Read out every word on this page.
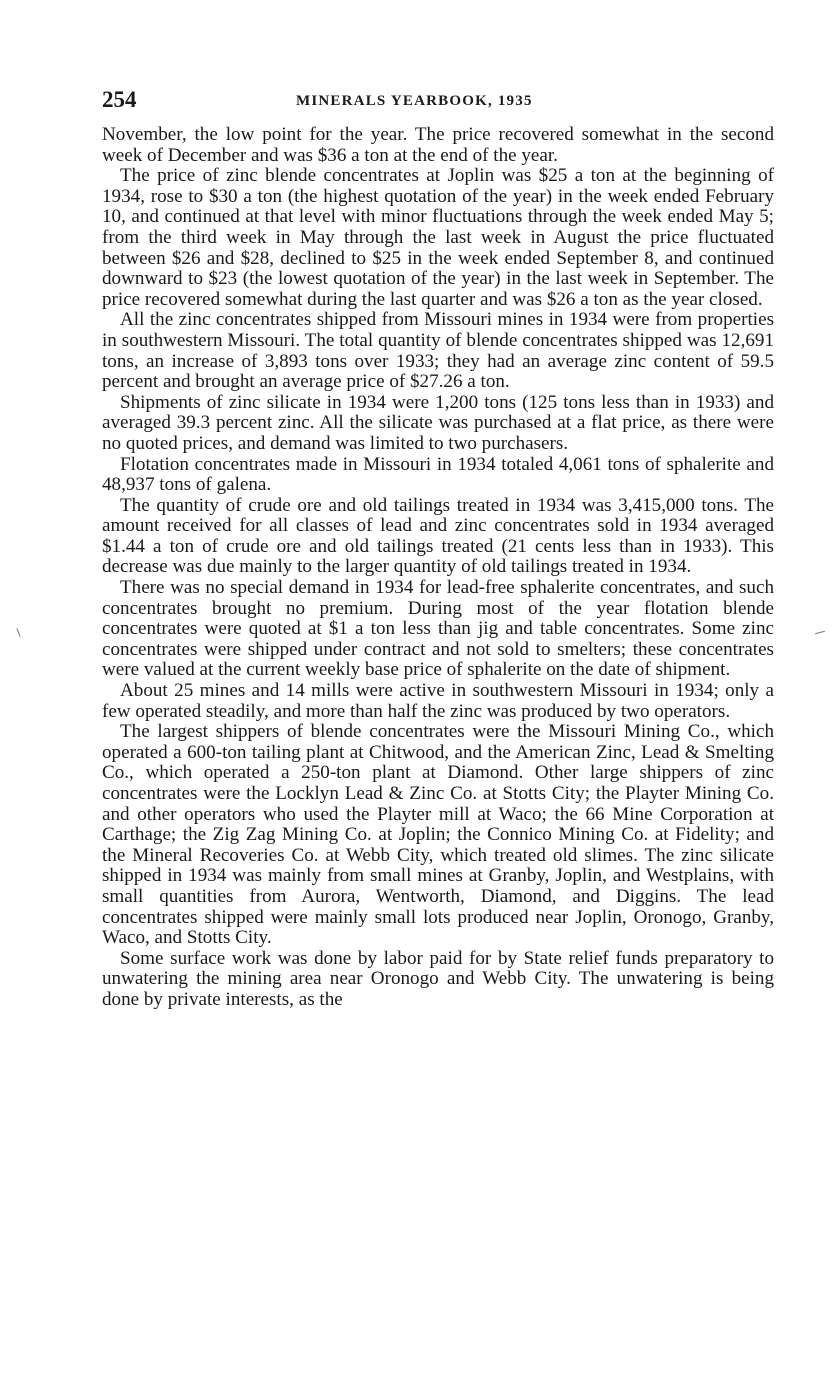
254	MINERALS YEARBOOK, 1935

November, the low point for the year. The price recovered somewhat in the second week of December and was $36 a ton at the end of the year.

The price of zinc blende concentrates at Joplin was $25 a ton at the beginning of 1934, rose to $30 a ton (the highest quotation of the year) in the week ended February 10, and continued at that level with minor fluctuations through the week ended May 5; from the third week in May through the last week in August the price fluctuated between $26 and $28, declined to $25 in the week ended September 8, and continued downward to $23 (the lowest quotation of the year) in the last week in September. The price recovered somewhat during the last quarter and was $26 a ton as the year closed.

All the zinc concentrates shipped from Missouri mines in 1934 were from properties in southwestern Missouri. The total quantity of blende concentrates shipped was 12,691 tons, an increase of 3,893 tons over 1933; they had an average zinc content of 59.5 percent and brought an average price of $27.26 a ton.

Shipments of zinc silicate in 1934 were 1,200 tons (125 tons less than in 1933) and averaged 39.3 percent zinc. All the silicate was purchased at a flat price, as there were no quoted prices, and demand was limited to two purchasers.

Flotation concentrates made in Missouri in 1934 totaled 4,061 tons of sphalerite and 48,937 tons of galena.

The quantity of crude ore and old tailings treated in 1934 was 3,415,000 tons. The amount received for all classes of lead and zinc concentrates sold in 1934 averaged $1.44 a ton of crude ore and old tailings treated (21 cents less than in 1933). This decrease was due mainly to the larger quantity of old tailings treated in 1934.

There was no special demand in 1934 for lead-free sphalerite concentrates, and such concentrates brought no premium. During most of the year flotation blende concentrates were quoted at $1 a ton less than jig and table concentrates. Some zinc concentrates were shipped under contract and not sold to smelters; these concentrates were valued at the current weekly base price of sphalerite on the date of shipment.

About 25 mines and 14 mills were active in southwestern Missouri in 1934; only a few operated steadily, and more than half the zinc was produced by two operators.

The largest shippers of blende concentrates were the Missouri Mining Co., which operated a 600-ton tailing plant at Chitwood, and the American Zinc, Lead & Smelting Co., which operated a 250-ton plant at Diamond. Other large shippers of zinc concentrates were the Locklyn Lead & Zinc Co. at Stotts City; the Playter Mining Co. and other operators who used the Playter mill at Waco; the 66 Mine Corporation at Carthage; the Zig Zag Mining Co. at Joplin; the Connico Mining Co. at Fidelity; and the Mineral Recoveries Co. at Webb City, which treated old slimes. The zinc silicate shipped in 1934 was mainly from small mines at Granby, Joplin, and Westplains, with small quantities from Aurora, Wentworth, Diamond, and Diggins. The lead concentrates shipped were mainly small lots produced near Joplin, Oronogo, Granby, Waco, and Stotts City.

Some surface work was done by labor paid for by State relief funds preparatory to unwatering the mining area near Oronogo and Webb City. The unwatering is being done by private interests, as the
